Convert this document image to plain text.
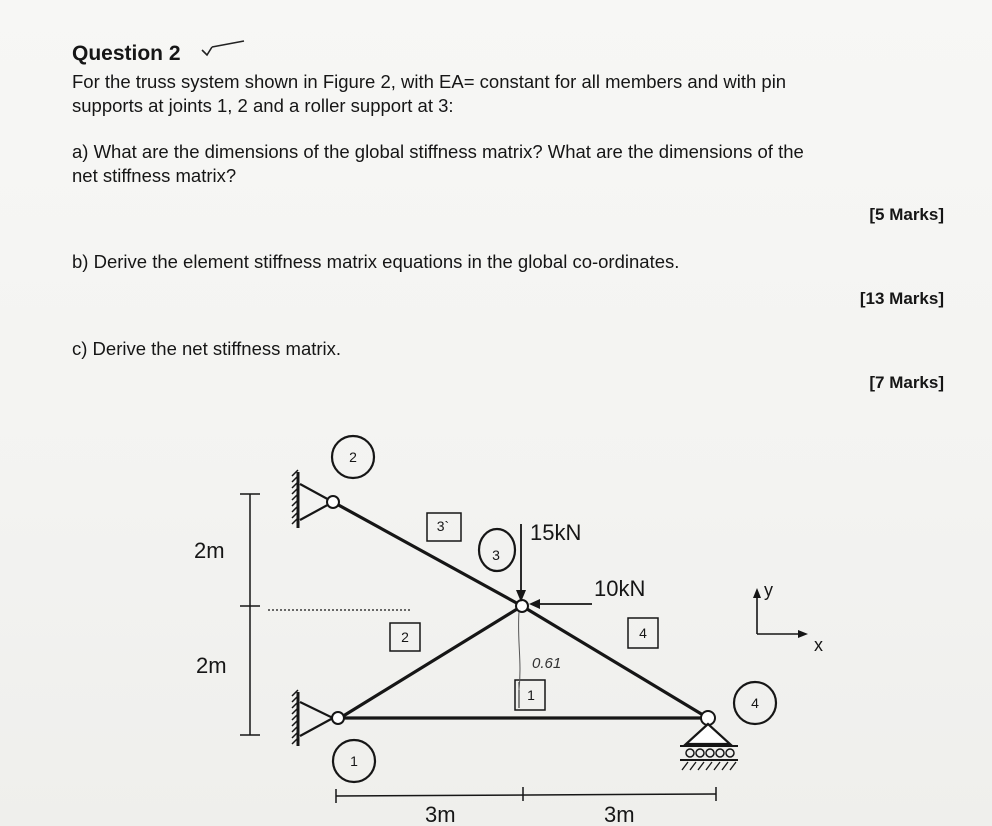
Question 2
For the truss system shown in Figure 2, with EA= constant for all members and with pin
supports at joints 1, 2 and a roller support at 3:
a) What are the dimensions of the global stiffness matrix? What are the dimensions of the
net stiffness matrix?
[5 Marks]
b) Derive the element stiffness matrix equations in the global co-ordinates.
[13 Marks]
c) Derive the net stiffness matrix.
[7 Marks]
2
1
3
4
3`
2	4
1
15kN
10kN
0.61
2m
2m
3m	3m
y
x
